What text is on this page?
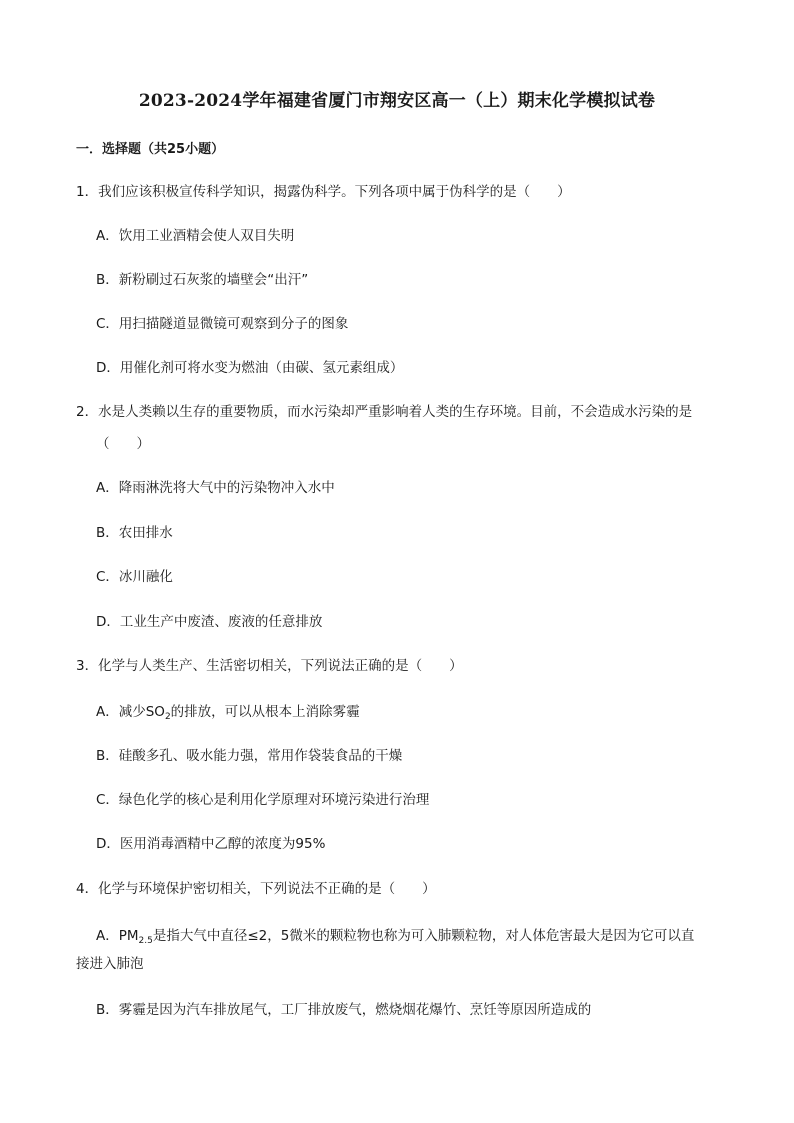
2023-2024学年福建省厦门市翔安区高一（上）期末化学模拟试卷
一．选择题（共25小题）
1．我们应该积极宣传科学知识，揭露伪科学。下列各项中属于伪科学的是（　　）
A．饮用工业酒精会使人双目失明
B．新粉刷过石灰浆的墙壁会“出汗”
C．用扫描隧道显微镜可观察到分子的图象
D．用催化剂可将水变为燃油（由碳、氢元素组成）
2．水是人类赖以生存的重要物质，而水污染却严重影响着人类的生存环境。目前，不会造成水污染的是
（　　）
A．降雨淋洗将大气中的污染物冲入水中
B．农田排水
C．冰川融化
D．工业生产中废渣、废液的任意排放
3．化学与人类生产、生活密切相关，下列说法正确的是（　　）
A．减少$SO_2$的排放，可以从根本上消除雾霾
B．硅酸多孔、吸水能力强，常用作袋装食品的干燥
C．绿色化学的核心是利用化学原理对环境污染进行治理
D．医用消毒酒精中乙醇的浓度为95%
4．化学与环境保护密切相关，下列说法不正确的是（　　）
A．$PM_{2.5}$是指大气中直径≤2，5微米的颗粒物也称为可入肺颗粒物，对人体危害最大是因为它可以直
接进入肺泡
B．雾霾是因为汽车排放尾气，工厂排放废气，燃烧烟花爆竹、烹饪等原因所造成的
